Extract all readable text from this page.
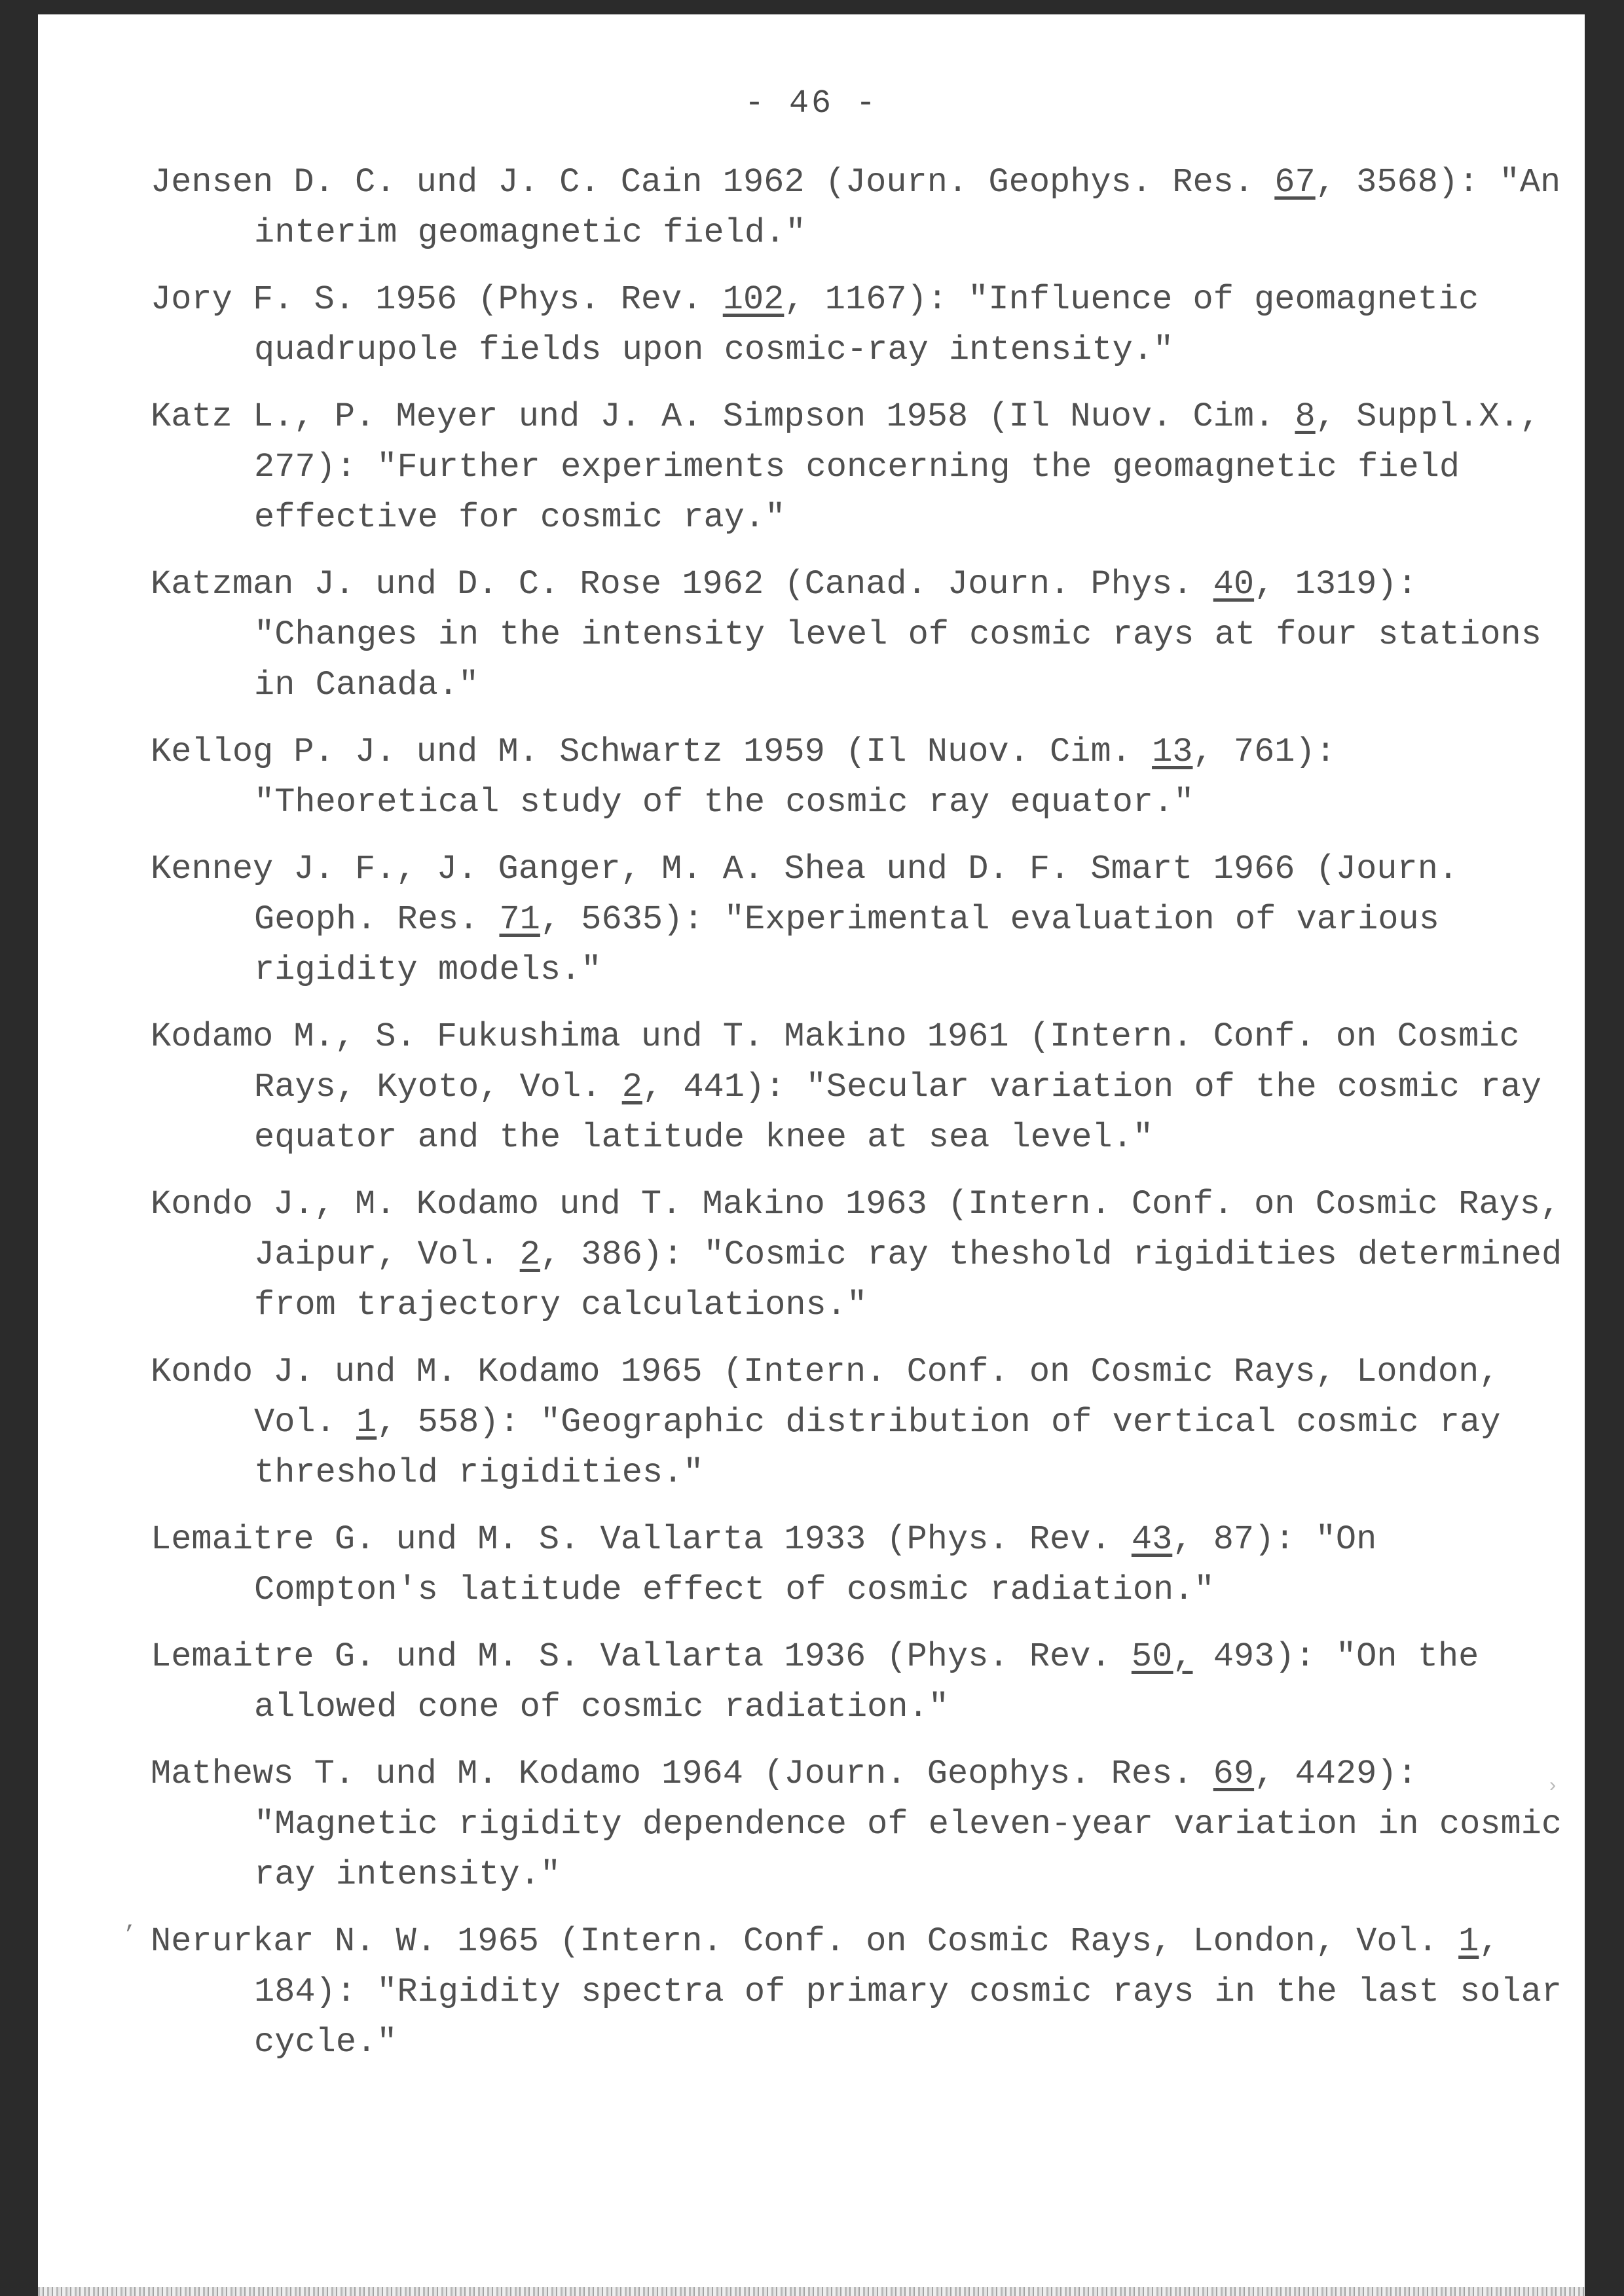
- 46 -
Jensen D. C. und J. C. Cain 1962 (Journ. Geophys. Res. 67, 3568): "An interim geomagnetic field."
Jory F. S. 1956 (Phys. Rev. 102, 1167): "Influence of geomagnetic quadrupole fields upon cosmic-ray intensity."
Katz L., P. Meyer und J. A. Simpson 1958 (Il Nuov. Cim. 8, Suppl.X., 277): "Further experiments concerning the geomagnetic field effective for cosmic ray."
Katzman J. und D. C. Rose 1962 (Canad. Journ. Phys. 40, 1319): "Changes in the intensity level of cosmic rays at four stations in Canada."
Kellog P. J. und M. Schwartz 1959 (Il Nuov. Cim. 13, 761): "Theoretical study of the cosmic ray equator."
Kenney J. F., J. Ganger, M. A. Shea und D. F. Smart 1966 (Journ. Geoph. Res. 71, 5635): "Experimental evaluation of various rigidity models."
Kodamo M., S. Fukushima und T. Makino 1961 (Intern. Conf. on Cosmic Rays, Kyoto, Vol. 2, 441): "Secular variation of the cosmic ray equator and the latitude knee at sea level."
Kondo J., M. Kodamo und T. Makino 1963 (Intern. Conf. on Cosmic Rays, Jaipur, Vol. 2, 386): "Cosmic ray theshold rigidities determined from trajectory calculations."
Kondo J. und M. Kodamo 1965 (Intern. Conf. on Cosmic Rays, London, Vol. 1, 558): "Geographic distribution of vertical cosmic ray threshold rigidities."
Lemaitre G. und M. S. Vallarta 1933 (Phys. Rev. 43, 87): "On Compton's latitude effect of cosmic radiation."
Lemaitre G. und M. S. Vallarta 1936 (Phys. Rev. 50, 493): "On the allowed cone of cosmic radiation."
Mathews T. und M. Kodamo 1964 (Journ. Geophys. Res. 69, 4429): "Magnetic rigidity dependence of eleven-year variation in cosmic ray intensity."
Nerurkar N. W. 1965 (Intern. Conf. on Cosmic Rays, London, Vol. 1, 184): "Rigidity spectra of primary cosmic rays in the last solar cycle."
‚
›
